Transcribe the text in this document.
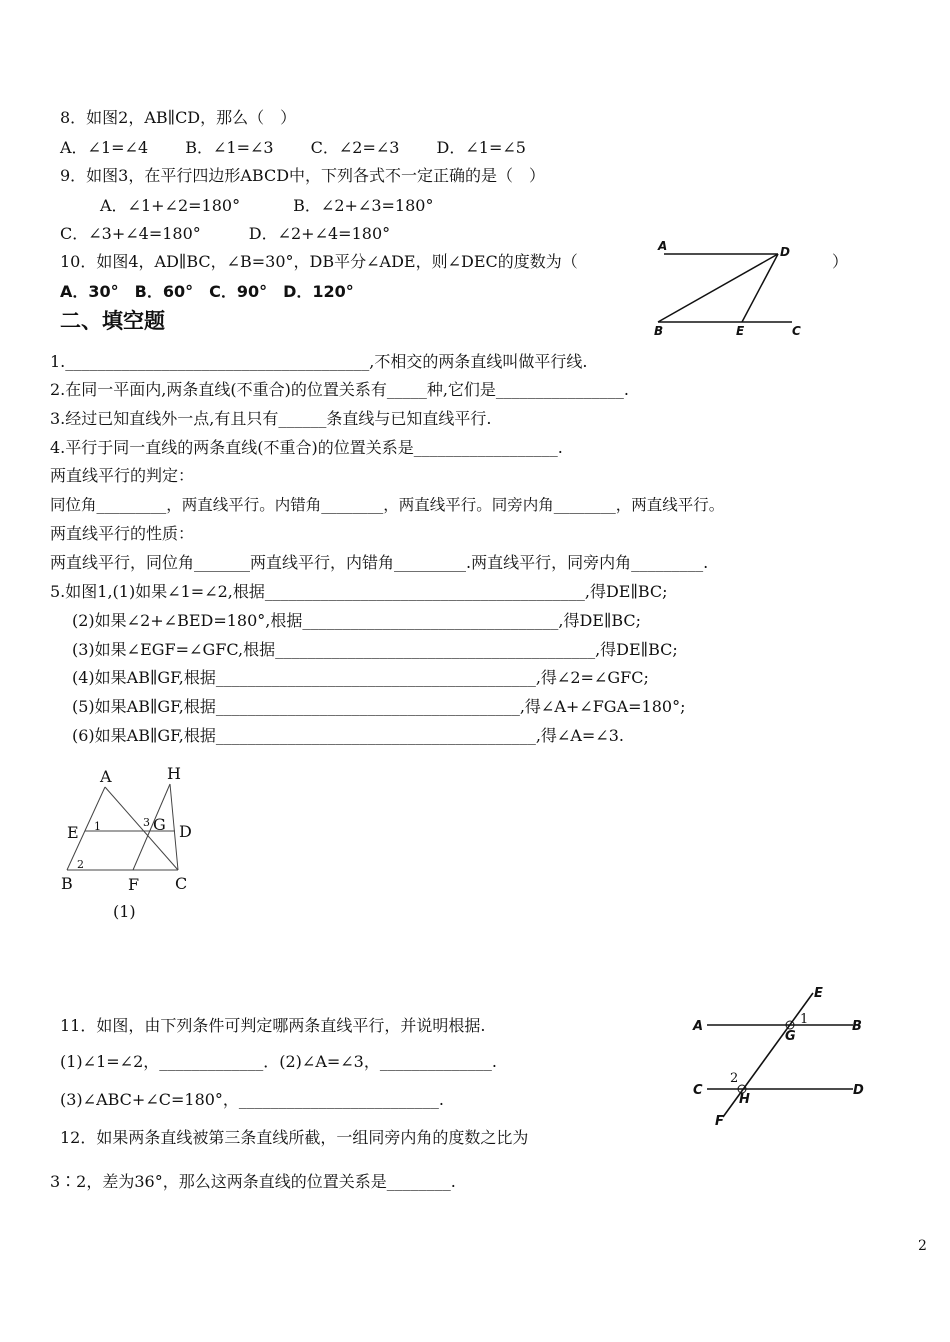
8．如图2，AB∥CD，那么（　）
A．∠1=∠4　　 B．∠1=∠3　　 C．∠2=∠3　　 D．∠1=∠5
9．如图3，在平行四边形ABCD中，下列各式不一定正确的是（　）
A．∠1+∠2=180°　　　 B．∠2+∠3=180°
C．∠3+∠4=180°　　　D．∠2+∠4=180°
10．如图4，AD∥BC，∠B=30°，DB平分∠ADE，则∠DEC的度数为（	）
A．30°　B．60°　C．90°　D．120°
A	D
B	E	C
二、填空题
1.______________________________________,不相交的两条直线叫做平行线.
2.在同一平面内,两条直线(不重合)的位置关系有_____种,它们是________________.
3.经过已知直线外一点,有且只有______条直线与已知直线平行.
4.平行于同一直线的两条直线(不重合)的位置关系是__________________.
两直线平行的判定：
同位角_________，两直线平行。内错角________，两直线平行。同旁内角________，两直线平行。
两直线平行的性质：
两直线平行，同位角_______两直线平行，内错角_________.两直线平行，同旁内角_________.
5.如图1,(1)如果∠1=∠2,根据________________________________________,得DE∥BC;
(2)如果∠2+∠BED=180°,根据________________________________,得DE∥BC;
(3)如果∠EGF=∠GFC,根据________________________________________,得DE∥BC;
(4)如果AB∥GF,根据________________________________________,得∠2=∠GFC;
(5)如果AB∥GF,根据______________________________________,得∠A+∠FGA=180°;
(6)如果AB∥GF,根据________________________________________,得∠A=∠3.
A	H
E 1	3 G D
2
B	F C
(1)
11．如图，由下列条件可判定哪两条直线平行，并说明根据.
(1)∠1=∠2，_____________．(2)∠A=∠3，______________.
(3)∠ABC+∠C=180°，_________________________.
12．如果两条直线被第三条直线所截，一组同旁内角的度数之比为
3∶2，差为36°，那么这两条直线的位置关系是________.
E
A	1	B
G
2
C	D
H
F
2
